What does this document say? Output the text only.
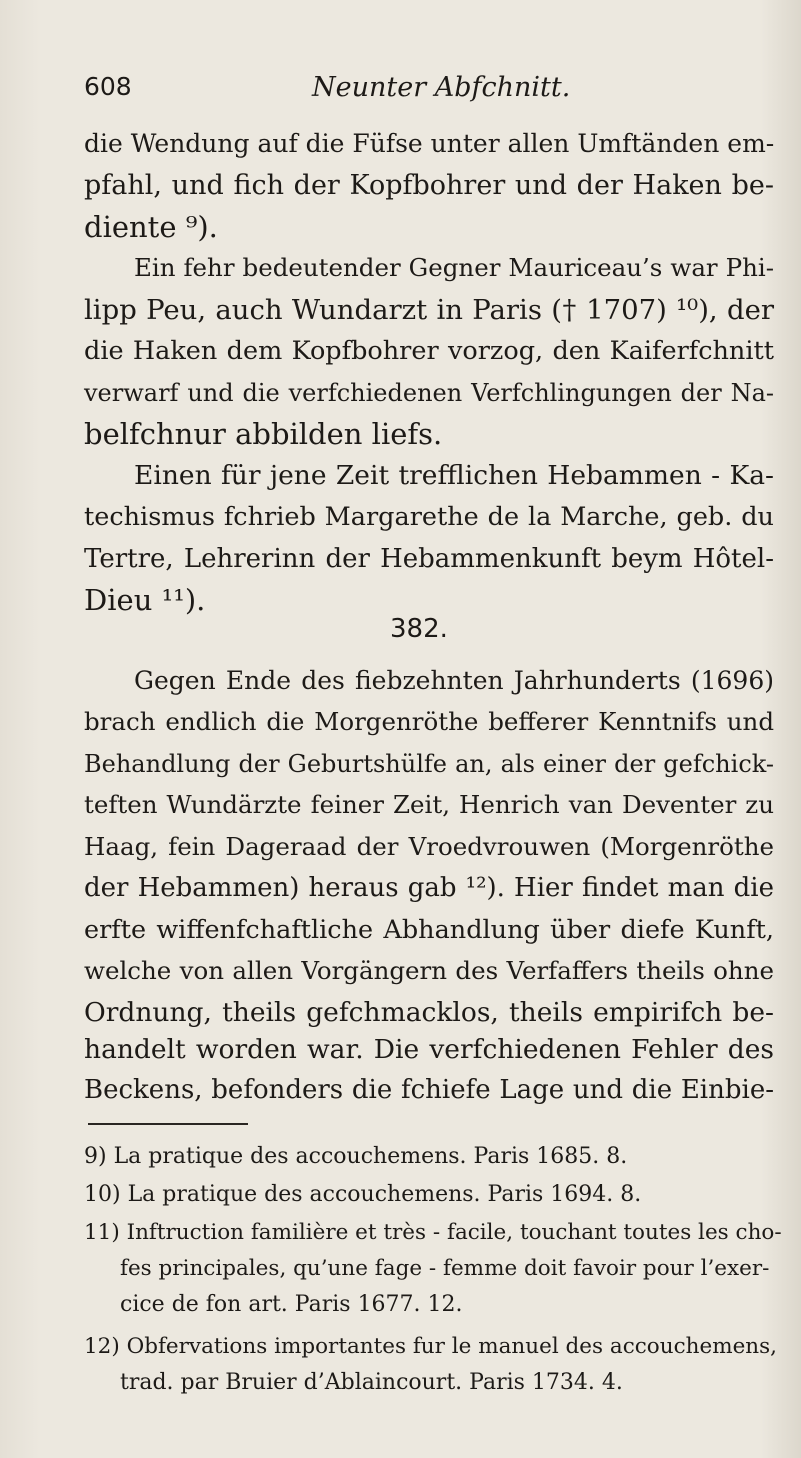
608	Neunter Abfchnitt.
die Wendung auf die Füfse unter allen Umftänden em-
pfahl, und fich der Kopfbohrer und der Haken be-
diente ⁹).
Ein fehr bedeutender Gegner Mauriceau’s war Phi-
lipp Peu, auch Wundarzt in Paris († 1707) ¹⁰), der
die Haken dem Kopfbohrer vorzog, den Kaiferfchnitt
verwarf und die verfchiedenen Verfchlingungen der Na-
belfchnur abbilden liefs.
Einen für jene Zeit trefflichen Hebammen - Ka-
techismus fchrieb Margarethe de la Marche, geb. du
Tertre, Lehrerinn der Hebammenkunft beym Hôtel-
Dieu ¹¹).
382.
Gegen Ende des fiebzehnten Jahrhunderts (1696)
brach endlich die Morgenröthe befferer Kenntnifs und
Behandlung der Geburtshülfe an, als einer der gefchick-
teften Wundärzte feiner Zeit, Henrich van Deventer zu
Haag, fein Dageraad der Vroedvrouwen (Morgenröthe
der Hebammen) heraus gab ¹²). Hier findet man die
erfte wiffenfchaftliche Abhandlung über diefe Kunft,
welche von allen Vorgängern des Verfaffers theils ohne
Ordnung, theils gefchmacklos, theils empirifch be-
handelt worden war. Die verfchiedenen Fehler des
Beckens, befonders die fchiefe Lage und die Einbie-
9) La pratique des accouchemens. Paris 1685. 8.
10) La pratique des accouchemens. Paris 1694. 8.
11) Inftruction familière et très - facile, touchant toutes les cho-
fes principales, qu’une fage - femme doit favoir pour l’exer-
cice de fon art. Paris 1677. 12.
12) Obfervations importantes fur le manuel des accouchemens,
trad. par Bruier d’Ablaincourt. Paris 1734. 4.
